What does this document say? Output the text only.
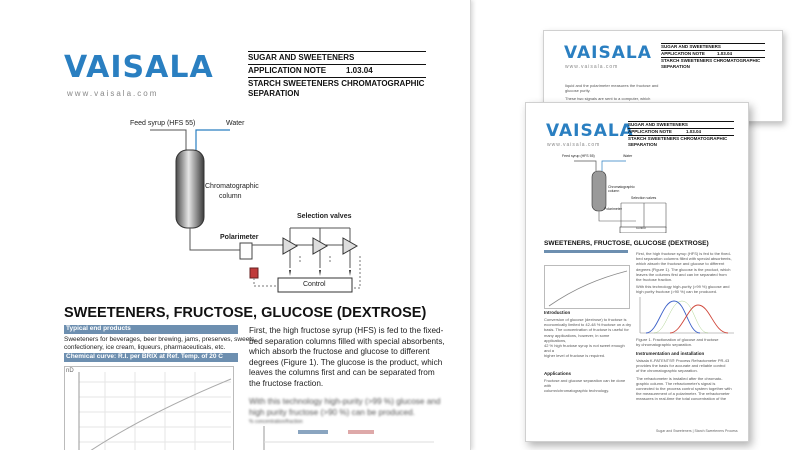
VAISALA
www.vaisala.com
SUGAR AND SWEETENERS
APPLICATION NOTE 1.03.04
STARCH SWEETENERS CHROMATOGRAPHIC
SEPARATION
Feed syrup (HFS 55)	Water
Chromatographic
column
Selection valves
Polarimeter
Control
SWEETENERS, FRUCTOSE, GLUCOSE (DEXTROSE)
Typical end products
Sweeteners for beverages, beer brewing, jams, preserves, sweets,
confectionery, ice cream, liqueurs, pharmaceuticals, etc.
Chemical curve: R.I. per BRIX at Ref. Temp. of 20 C
nD
First, the high fructose syrup (HFS) is fed to the fixed-
bed separation columns filled with special absorbents,
which absorb the fructose and glucose to different
degrees (Figure 1). The glucose is the product, which
leaves the columns first and can be separated from
the fructose fraction.
With this technology high-purity (>99 %) glucose and
high purity fructose (>90 %) can be produced.
% concentration/fraction
VAISALA
www.vaisala.com
SUGAR AND SWEETENERS
APPLICATION NOTE	1.03.04
STARCH SWEETENERS CHROMATOGRAPHIC
SEPARATION
liquid and the polarimeter measures the fructose and
glucose purity.
These two signals are sent to a computer, which
VAISALA
www.vaisala.com
SUGAR AND SWEETENERS
APPLICATION NOTE	1.03.04
STARCH SWEETENERS CHROMATOGRAPHIC
SEPARATION
Feed syrup (HFS 55)	Water
Chromatographic column
Selection valves
Polarimeter
Control
SWEETENERS, FRUCTOSE, GLUCOSE (DEXTROSE)
Introduction
Conversion of glucose (dextrose) to fructose is
economically limited to 42-48 % fructose on a dry
basis. The concentration of fructose is useful for
many applications, however, in some applications,
42 % high fructose syrup is not sweet enough and a
higher level of fructose is required.
Applications
Fructose and glucose separation can be done with
column/chromatographic technology.
First, the high fructose syrup (HFS) is fed to the fixed-
bed separation columns filled with special absorbents,
which absorb the fructose and glucose to different
degrees (Figure 1). The glucose is the product, which
leaves the columns first and can be separated from
the fructose fraction.
With this technology high-purity (>99 %) glucose and
high purity fructose (>90 %) can be produced.
Figure 1. Fractionation of glucose and fructose
by chromatographic separation.
Instrumentation and installation
Vaisala K-PATENTS® Process Refractometer PR-43
provides the basis for accurate and reliable control
of the chromatographic separation.
The refractometer is installed after the chromato-
graphic column. The refractometer's signal is
connected to the process control system together with
the measurement of a polarimeter. The refractometer
measures in real-time the total concentration of the
Sugar and Sweeteners | Starch Sweeteners Process
